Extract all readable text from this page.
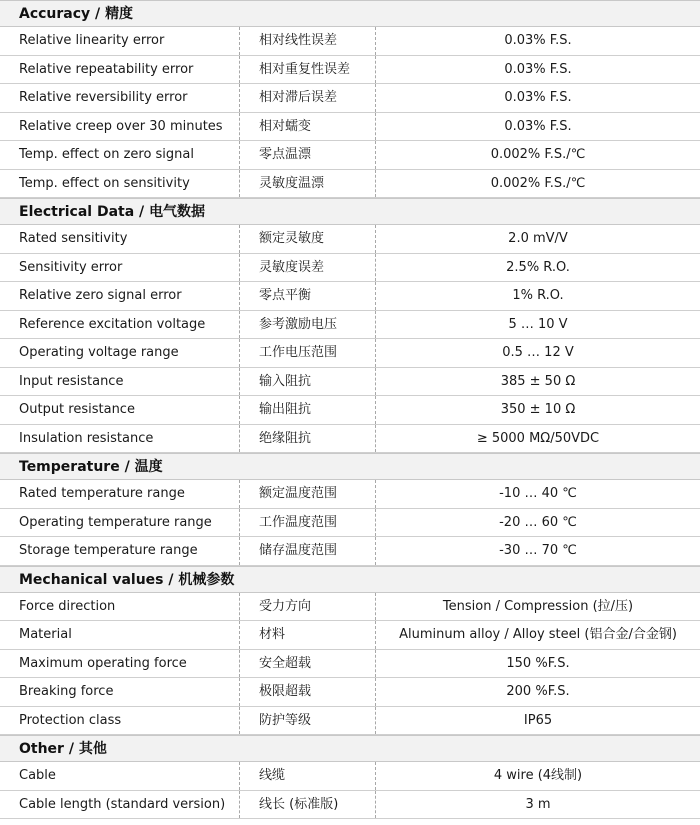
Accuracy / 精度
Relative linearity error	相对线性误差	0.03% F.S.
Relative repeatability error	相对重复性误差	0.03% F.S.
Relative reversibility error	相对滞后误差	0.03% F.S.
Relative creep over 30 minutes	相对蠕变	0.03% F.S.
Temp. effect on zero signal	零点温漂	0.002% F.S./℃
Temp. effect on sensitivity	灵敏度温漂	0.002% F.S./℃
Electrical Data / 电气数据
Rated sensitivity	额定灵敏度	2.0 mV/V
Sensitivity error	灵敏度误差	2.5% R.O.
Relative zero signal error	零点平衡	1% R.O.
Reference excitation voltage	参考激励电压	5 … 10 V
Operating voltage range	工作电压范围	0.5 … 12 V
Input resistance	输入阻抗	385 ± 50 Ω
Output resistance	输出阻抗	350 ± 10 Ω
Insulation resistance	绝缘阻抗	≥ 5000 MΩ/50VDC
Temperature / 温度
Rated temperature range	额定温度范围	-10 … 40 ℃
Operating temperature range	工作温度范围	-20 … 60 ℃
Storage temperature range	储存温度范围	-30 … 70 ℃
Mechanical values / 机械参数
Force direction	受力方向	Tension / Compression (拉/压)
Material	材料	Aluminum alloy / Alloy steel (铝合金/合金钢)
Maximum operating force	安全超载	150 %F.S.
Breaking force	极限超载	200 %F.S.
Protection class	防护等级	IP65
Other / 其他
Cable	线缆	4 wire (4线制)
Cable length (standard version)	线长 (标准版)	3 m
